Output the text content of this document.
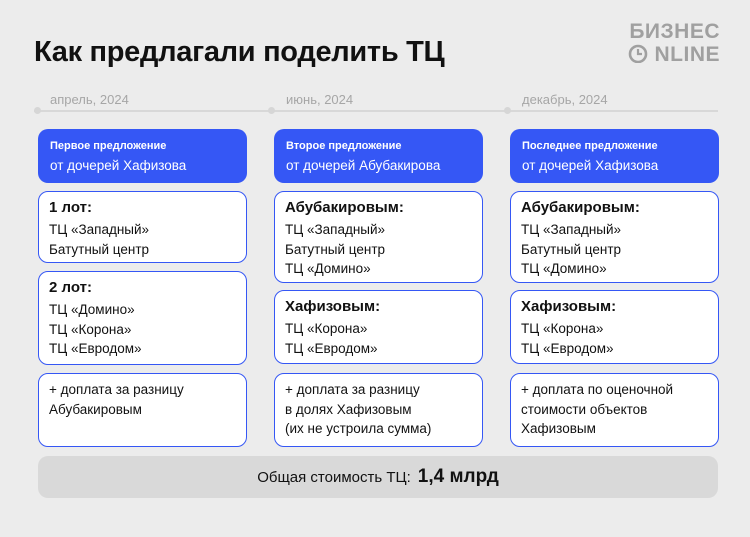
Как предлагали поделить ТЦ
БИЗНЕС
NLINE
апрель, 2024	июнь, 2024	декабрь, 2024
Первое предложение
от дочерей Хафизова
1 лот:
ТЦ «Западный»
Батутный центр
2 лот:
ТЦ «Домино»
ТЦ «Корона»
ТЦ «Евродом»
+ доплата за разницу
Абубакировым
Второе предложение
от дочерей Абубакирова
Абубакировым:
ТЦ «Западный»
Батутный центр
ТЦ «Домино»
Хафизовым:
ТЦ «Корона»
ТЦ «Евродом»
+ доплата за разницу
в долях Хафизовым
(их не устроила сумма)
Последнее предложение
от дочерей Хафизова
Абубакировым:
ТЦ «Западный»
Батутный центр
ТЦ «Домино»
Хафизовым:
ТЦ «Корона»
ТЦ «Евродом»
+ доплата по оценочной
стоимости объектов
Хафизовым
Общая стоимость ТЦ: 1,4 млрд
